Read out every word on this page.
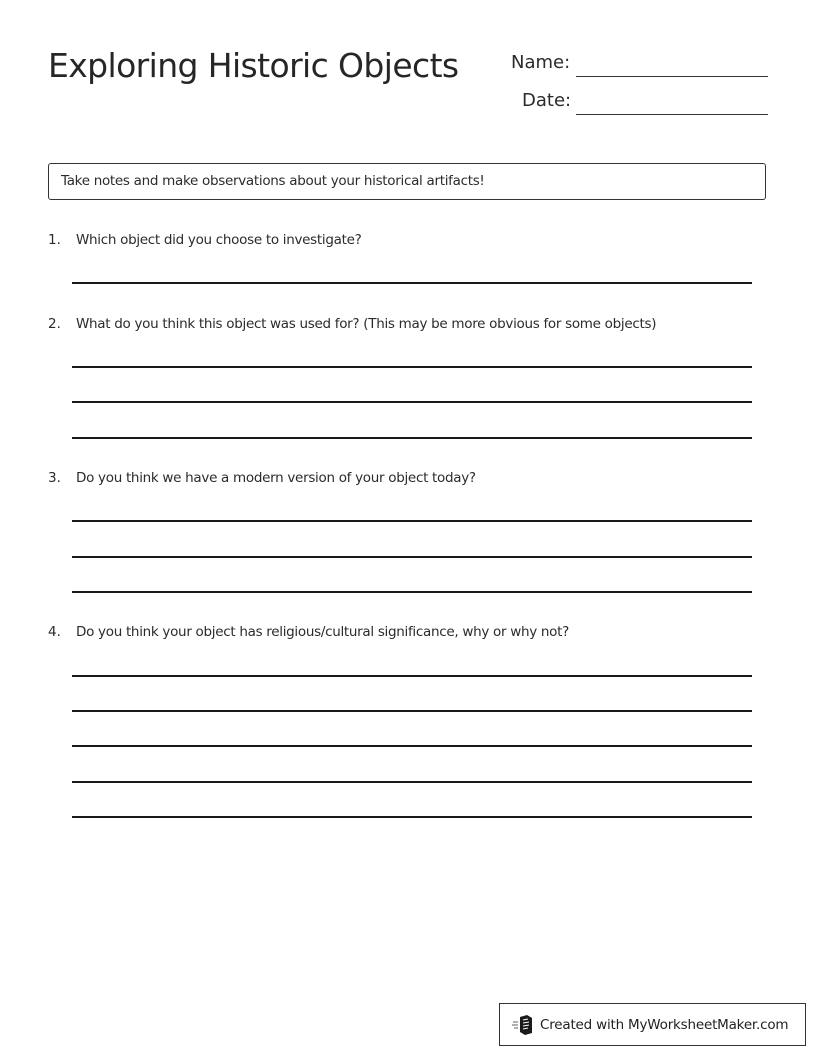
Exploring Historic Objects	Name:
Date:
Take notes and make observations about your historical artifacts!
1. Which object did you choose to investigate?
2. What do you think this object was used for? (This may be more obvious for some objects)
3. Do you think we have a modern version of your object today?
4. Do you think your object has religious/cultural significance, why or why not?
Created with MyWorksheetMaker.com
